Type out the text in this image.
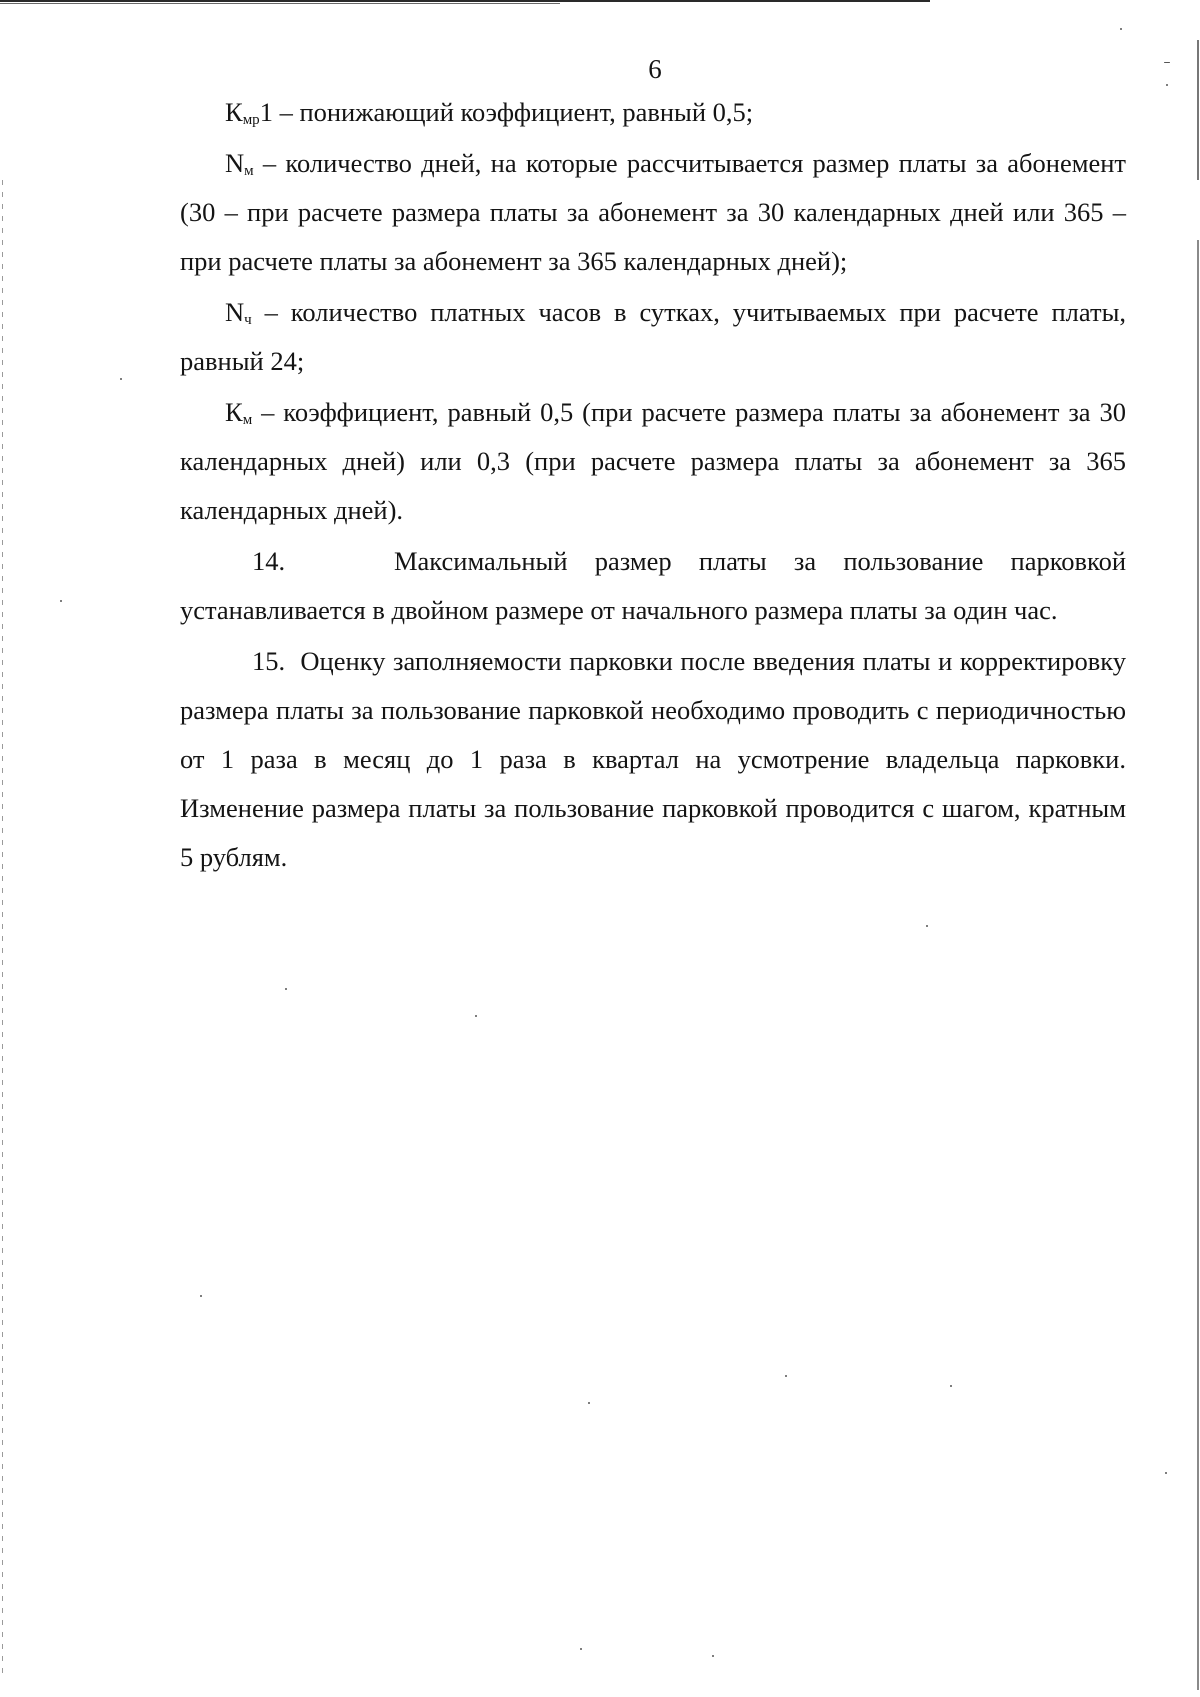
6

$К_{мр}1$ – понижающий коэффициент, равный 0,5;

$N_м$ – количество дней, на которые рассчитывается размер платы за абонемент (30 – при расчете размера платы за абонемент за 30 календарных дней или 365 – при расчете платы за абонемент за 365 календарных дней);

$N_ч$ – количество платных часов в сутках, учитываемых при расчете платы, равный 24;

$К_м$ – коэффициент, равный 0,5 (при расчете размера платы за абонемент за 30 календарных дней) или 0,3 (при расчете размера платы за абонемент за 365 календарных дней).

14.	Максимальный размер платы за пользование парковкой устанавливается в двойном размере от начального размера платы за один час.

15. Оценку заполняемости парковки после введения платы и корректировку размера платы за пользование парковкой необходимо проводить с периодичностью от 1 раза в месяц до 1 раза в квартал на усмотрение владельца парковки. Изменение размера платы за пользование парковкой проводится с шагом, кратным 5 рублям.
